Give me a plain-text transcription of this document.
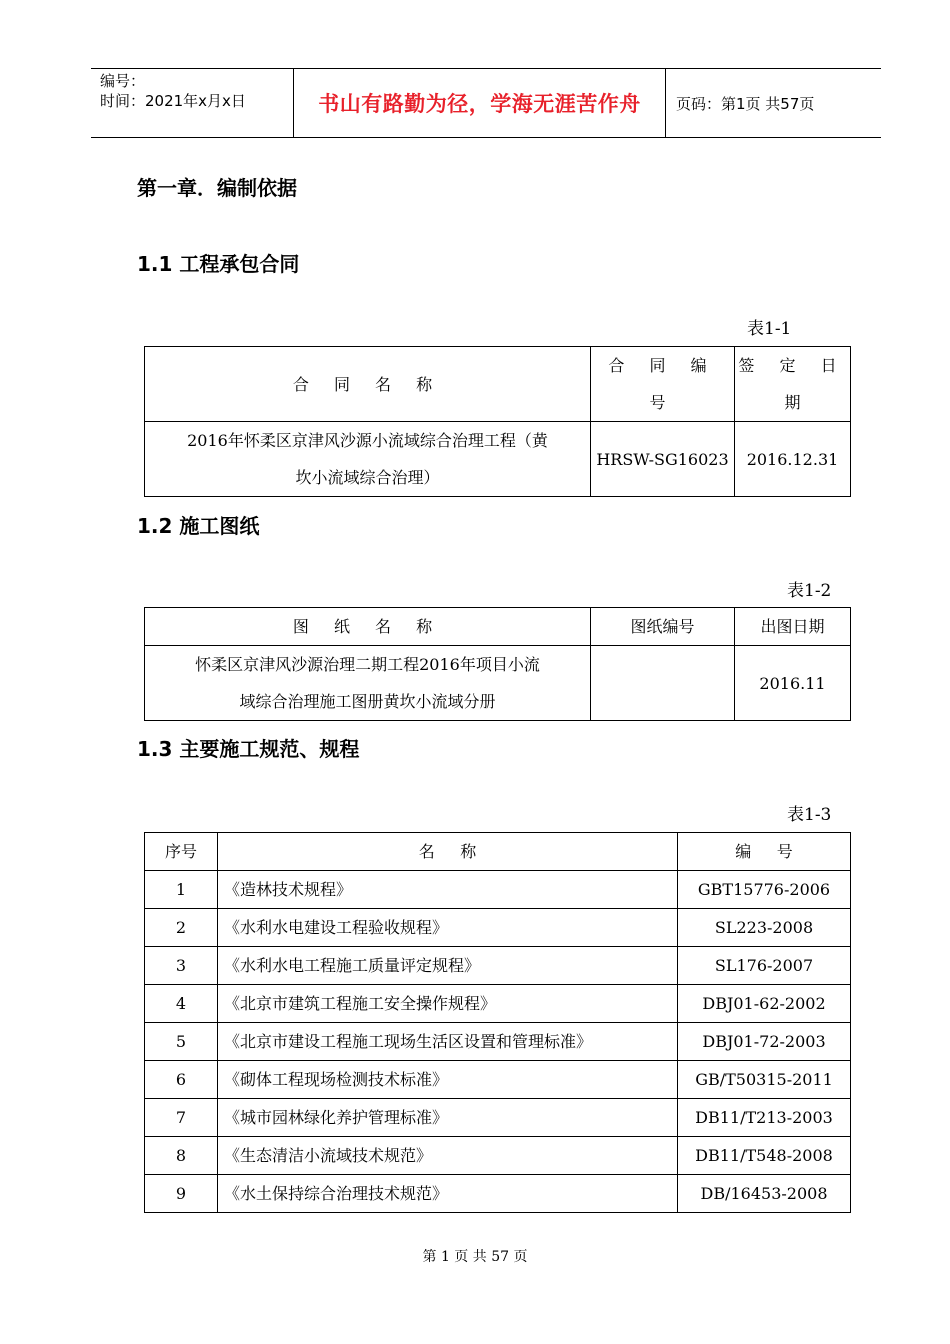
编号：
时间：2021年x月x日	书山有路勤为径，学海无涯苦作舟	页码：第1页 共57页
第一章．编制依据
1.1 工程承包合同
表1-1
合 同 名 称	合 同 编 号	签 定 日
期

2016年怀柔区京津风沙源小流域综合治理工程（黄
坎小流域综合治理）	HRSW-SG16023	2016.12.31
1.2 施工图纸
表1-2
图 纸 名 称	图纸编号	出图日期

怀柔区京津风沙源治理二期工程2016年项目小流
域综合治理施工图册黄坎小流域分册		2016.11
1.3 主要施工规范、规程
表1-3
序号	名     称	编     号
1	《造林技术规程》	GBT15776-2006
2	《水利水电建设工程验收规程》	SL223-2008
3	《水利水电工程施工质量评定规程》	SL176-2007
4	《北京市建筑工程施工安全操作规程》	DBJ01-62-2002
5	《北京市建设工程施工现场生活区设置和管理标准》	DBJ01-72-2003
6	《砌体工程现场检测技术标准》	GB/T50315-2011
7	《城市园林绿化养护管理标准》	DB11/T213-2003
8	《生态清洁小流域技术规范》	DB11/T548-2008
9	《水土保持综合治理技术规范》	DB/16453-2008
第 1 页 共 57 页
